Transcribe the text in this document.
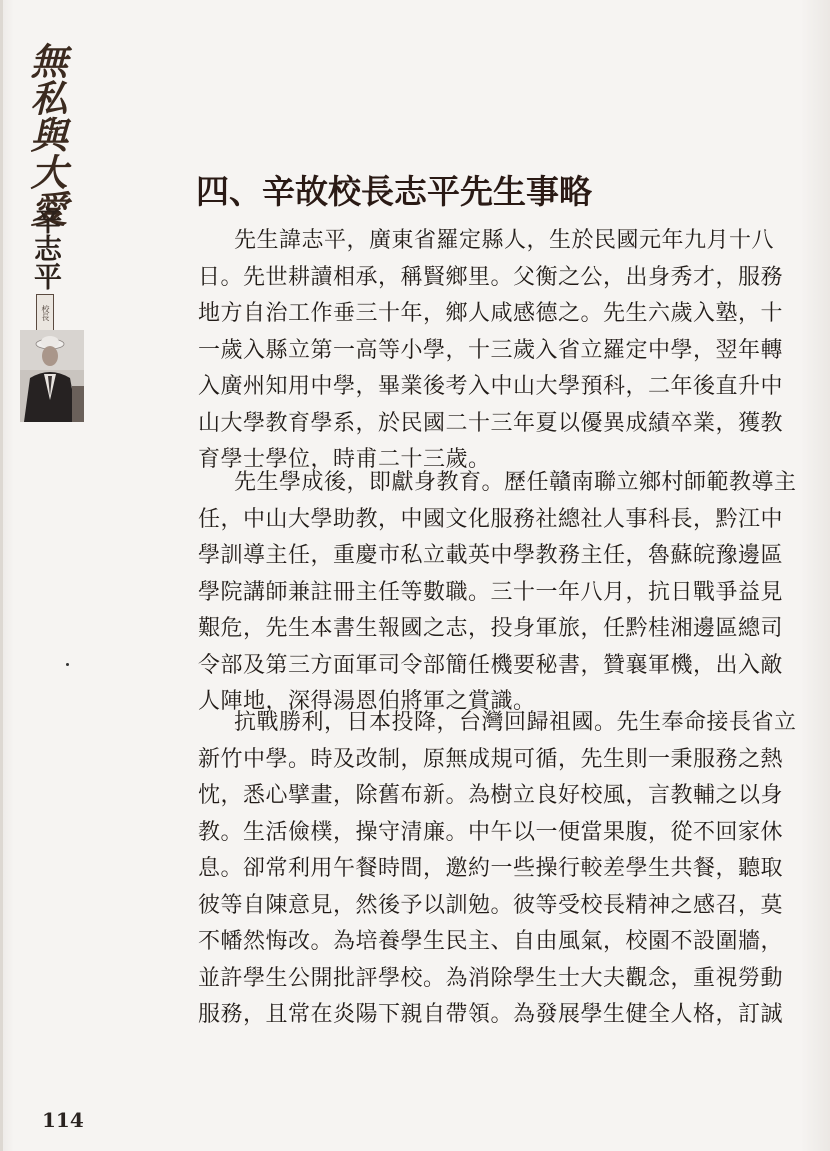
無私與大愛
辛志平
校長
四、辛故校長志平先生事略
先生諱志平，廣東省羅定縣人，生於民國元年九月十八
日。先世耕讀相承，稱賢鄉里。父衡之公，出身秀才，服務
地方自治工作垂三十年，鄉人咸感德之。先生六歲入塾，十
一歲入縣立第一高等小學，十三歲入省立羅定中學，翌年轉
入廣州知用中學，畢業後考入中山大學預科，二年後直升中
山大學教育學系，於民國二十三年夏以優異成績卒業，獲教
育學士學位，時甫二十三歲。
先生學成後，即獻身教育。歷任贛南聯立鄉村師範教導主
任，中山大學助教，中國文化服務社總社人事科長，黔江中
學訓導主任，重慶市私立載英中學教務主任，魯蘇皖豫邊區
學院講師兼註冊主任等數職。三十一年八月，抗日戰爭益見
艱危，先生本書生報國之志，投身軍旅，任黔桂湘邊區總司
令部及第三方面軍司令部簡任機要秘書，贊襄軍機，出入敵
人陣地，深得湯恩伯將軍之賞識。
抗戰勝利，日本投降，台灣回歸祖國。先生奉命接長省立
新竹中學。時及改制，原無成規可循，先生則一秉服務之熱
忱，悉心擘畫，除舊布新。為樹立良好校風，言教輔之以身
教。生活儉樸，操守清廉。中午以一便當果腹，從不回家休
息。卻常利用午餐時間，邀約一些操行較差學生共餐，聽取
彼等自陳意見，然後予以訓勉。彼等受校長精神之感召，莫
不幡然悔改。為培養學生民主、自由風氣，校園不設圍牆，
並許學生公開批評學校。為消除學生士大夫觀念，重視勞動
服務，且常在炎陽下親自帶領。為發展學生健全人格，訂誠
114
